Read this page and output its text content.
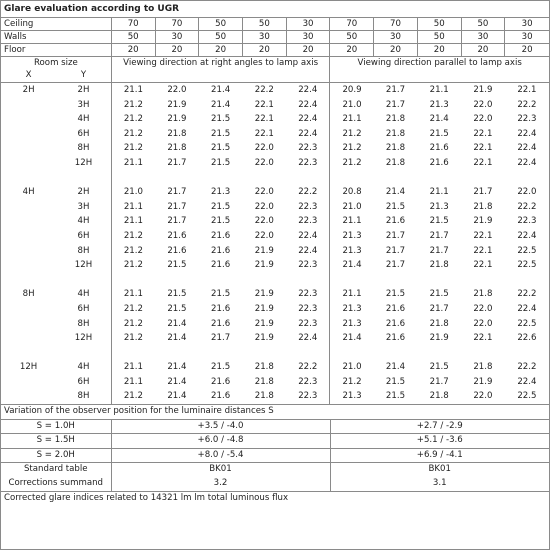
Glare evaluation according to UGR
Ceiling	70	70	50	50	30	70	70	50	50	30
Walls	50	30	50	30	30	50	30	50	30	30
Floor	20	20	20	20	20	20	20	20	20	20
Room size		Viewing direction at right angles to lamp axis					Viewing direction parallel to lamp axis				
X	Y										
2H	2H	21.1	22.0	21.4	22.2	22.4	20.9	21.7	21.1	21.9	22.1
	3H	21.2	21.9	21.4	22.1	22.4	21.0	21.7	21.3	22.0	22.2
	4H	21.2	21.9	21.5	22.1	22.4	21.1	21.8	21.4	22.0	22.3
	6H	21.2	21.8	21.5	22.1	22.4	21.2	21.8	21.5	22.1	22.4
	8H	21.2	21.8	21.5	22.0	22.3	21.2	21.8	21.6	22.1	22.4
	12H	21.1	21.7	21.5	22.0	22.3	21.2	21.8	21.6	22.1	22.4

4H	2H	21.0	21.7	21.3	22.0	22.2	20.8	21.4	21.1	21.7	22.0
	3H	21.1	21.7	21.5	22.0	22.3	21.0	21.5	21.3	21.8	22.2
	4H	21.1	21.7	21.5	22.0	22.3	21.1	21.6	21.5	21.9	22.3
	6H	21.2	21.6	21.6	22.0	22.4	21.3	21.7	21.7	22.1	22.4
	8H	21.2	21.6	21.6	21.9	22.4	21.3	21.7	21.7	22.1	22.5
	12H	21.2	21.5	21.6	21.9	22.3	21.4	21.7	21.8	22.1	22.5

8H	4H	21.1	21.5	21.5	21.9	22.3	21.1	21.5	21.5	21.8	22.2
	6H	21.2	21.5	21.6	21.9	22.3	21.3	21.6	21.7	22.0	22.4
	8H	21.2	21.4	21.6	21.9	22.3	21.3	21.6	21.8	22.0	22.5
	12H	21.2	21.4	21.7	21.9	22.4	21.4	21.6	21.9	22.1	22.6

12H	4H	21.1	21.4	21.5	21.8	22.2	21.0	21.4	21.5	21.8	22.2
	6H	21.1	21.4	21.6	21.8	22.3	21.2	21.5	21.7	21.9	22.4
	8H	21.2	21.4	21.6	21.8	22.3	21.3	21.5	21.8	22.0	22.5
Variation of the observer position for the luminaire distances S		
S = 1.0H	+3.5 / -4.0	+2.7 / -2.9
S = 1.5H	+6.0 / -4.8	+5.1 / -3.6
S = 2.0H	+8.0 / -5.4	+6.9 / -4.1
Standard table	BK01	BK01
Corrections summand	3.2	3.1
Corrected glare indices related to 14321 lm lm total luminous flux
